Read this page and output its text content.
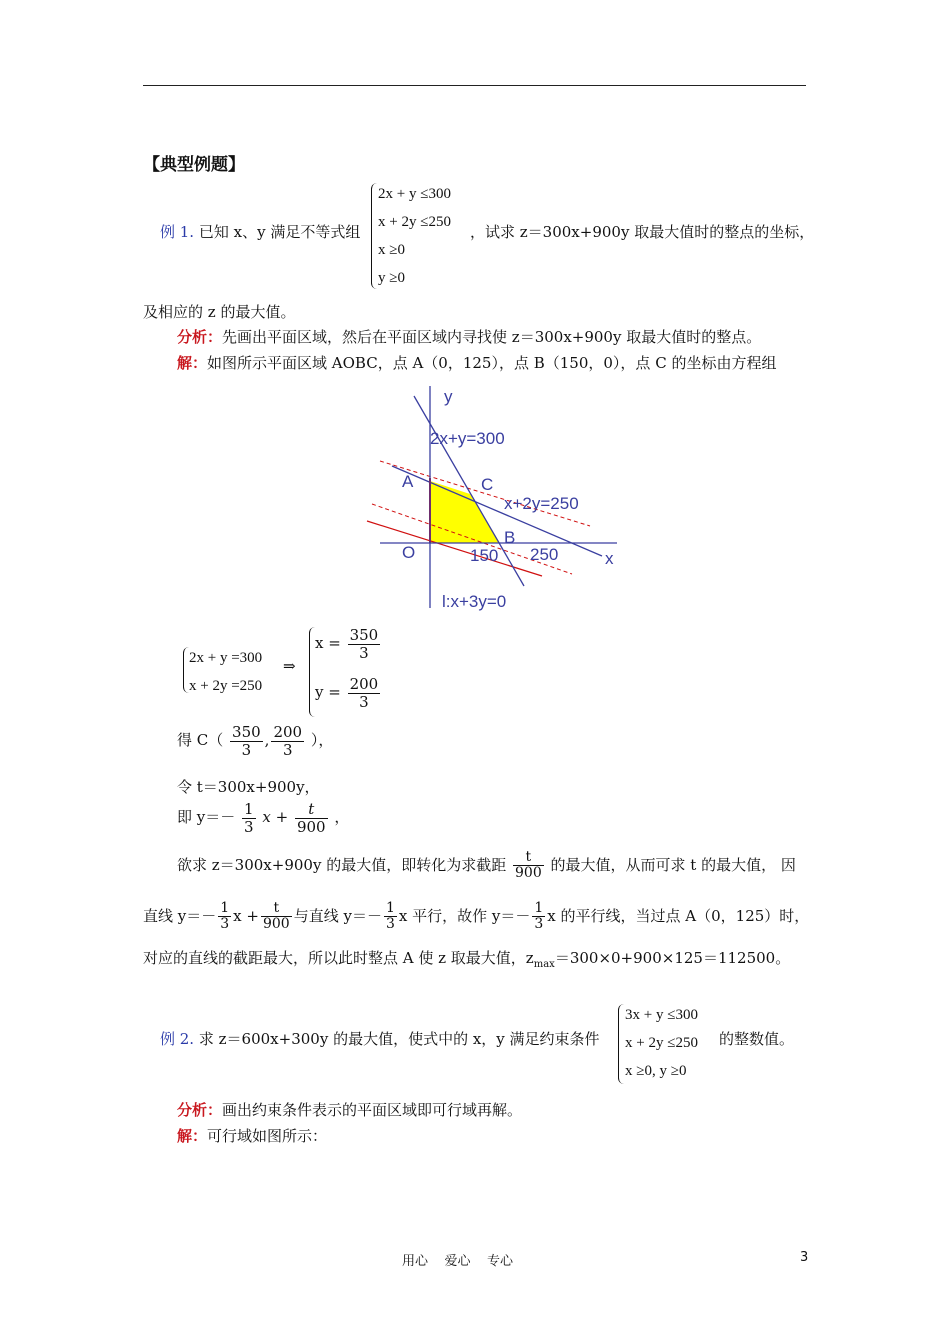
【典型例题】
例 1. 已知 x、y 满足不等式组
2x + y ≤300
x + 2y ≤250
x ≥0
y ≥0
，试求 z＝300x+900y 取最大值时的整点的坐标，
及相应的 z 的最大值。
分析：先画出平面区域，然后在平面区域内寻找使 z＝300x+900y 取最大值时的整点。
解：如图所示平面区域 AOBC，点 A（0，125），点 B（150，0），点 C 的坐标由方程组
y
x
2x+y=300
x+2y=250
l:x+3y=0
A	C
O
B
150 250
2x + y =300
x + 2y =250
⇒
$x = \frac{350}{3}$
$y = \frac{200}{3}$
得 $C( \frac{350}{3}$ , $\frac{200}{3}$ ），
令 t＝300x+900y，
即 $y=- \frac{1}{3}$ $x + \frac{t}{900}$ ，
欲求 z＝300x+900y 的最大值，即转化为求截距 $\frac{t}{900}$ 的最大值，从而可求 t 的最大值， 因
直线 $y=- \frac{1}{3}$ $x + \frac{t}{900}$ 与直线 $y=- \frac{1}{3}$ x 平行，故作 $y=- \frac{1}{3}$ x 的平行线，当过点 A（0，125）时，
对应的直线的截距最大，所以此时整点 A 使 z 取最大值，$z_{max}=300\times 0+900\times 125=112500$。
例 2. 求 z＝600x+300y 的最大值，使式中的 x，y 满足约束条件
3x + y ≤300
x + 2y ≤250
x ≥0, y ≥0
的整数值。
分析：画出约束条件表示的平面区域即可行域再解。
解：可行域如图所示：
用心    爱心    专心	3
